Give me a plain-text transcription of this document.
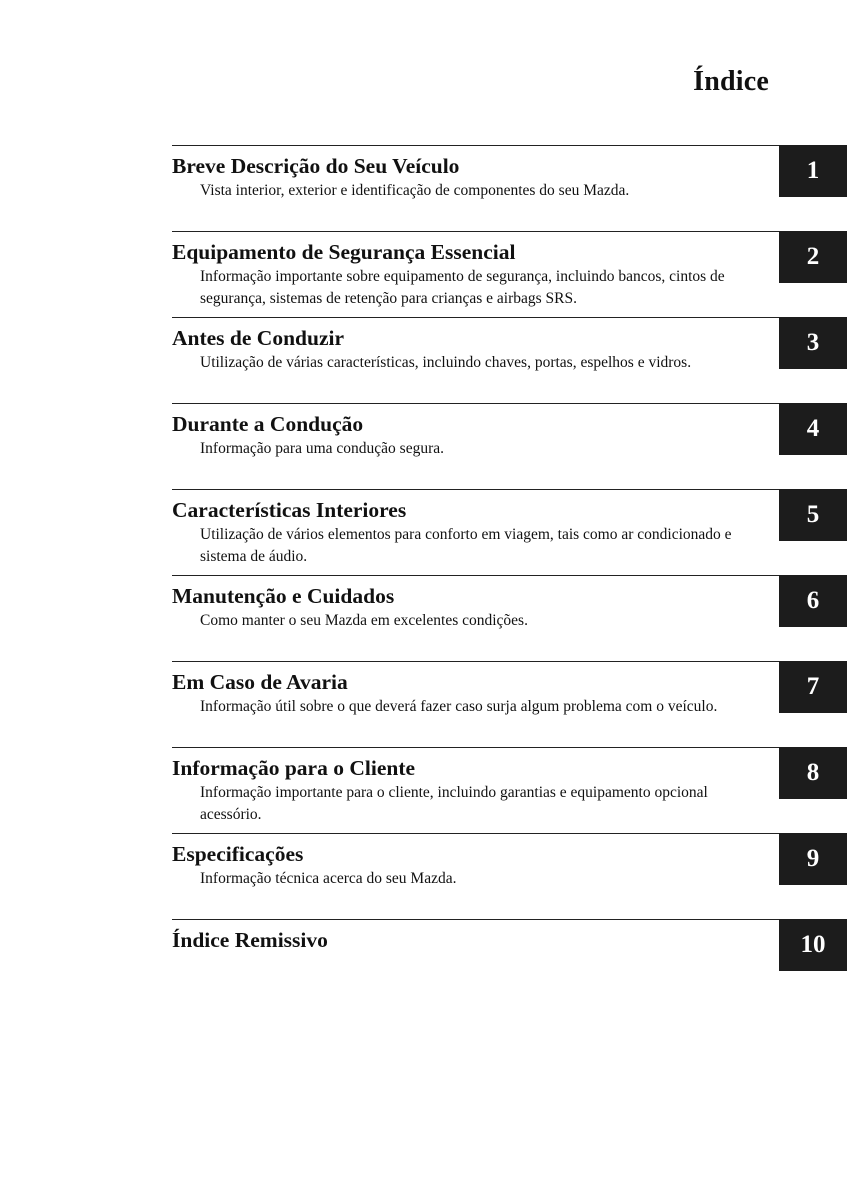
Índice
Breve Descrição do Seu Veículo

Vista interior, exterior e identificação de componentes do seu Mazda.

1
Equipamento de Segurança Essencial

Informação importante sobre equipamento de segurança, incluindo bancos, cintos de segurança, sistemas de retenção para crianças e airbags SRS.

2
Antes de Conduzir

Utilização de várias características, incluindo chaves, portas, espelhos e vidros.

3
Durante a Condução

Informação para uma condução segura.

4
Características Interiores

Utilização de vários elementos para conforto em viagem, tais como ar condicionado e sistema de áudio.

5
Manutenção e Cuidados

Como manter o seu Mazda em excelentes condições.

6
Em Caso de Avaria

Informação útil sobre o que deverá fazer caso surja algum problema com o veículo.

7
Informação para o Cliente

Informação importante para o cliente, incluindo garantias e equipamento opcional acessório.

8
Especificações

Informação técnica acerca do seu Mazda.

9
Índice Remissivo	10
